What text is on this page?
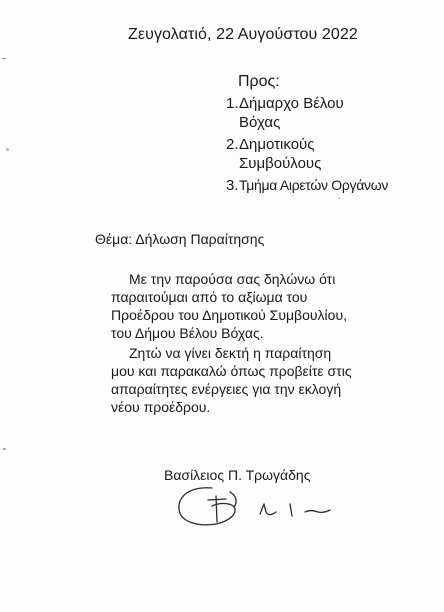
Ζευγολατιό, 22 Αυγούστου 2022
Προς:
1. Δήμαρχο Βέλου Βόχας
2. Δημοτικούς Συμβούλους
3. Τμήμα Αιρετών Οργάνων
Θέμα: Δήλωση Παραίτησης

Με την παρούσα σας δηλώνω ότι παραιτούμαι από το αξίωμα του Προέδρου του Δημοτικού Συμβουλίου, του Δήμου Βέλου Βόχας.

Ζητώ να γίνει δεκτή η παραίτηση μου και παρακαλώ όπως προβείτε στις απαραίτητες ενέργειες για την εκλογή νέου προέδρου.

Βασίλειος Π. Τρωγάδης
